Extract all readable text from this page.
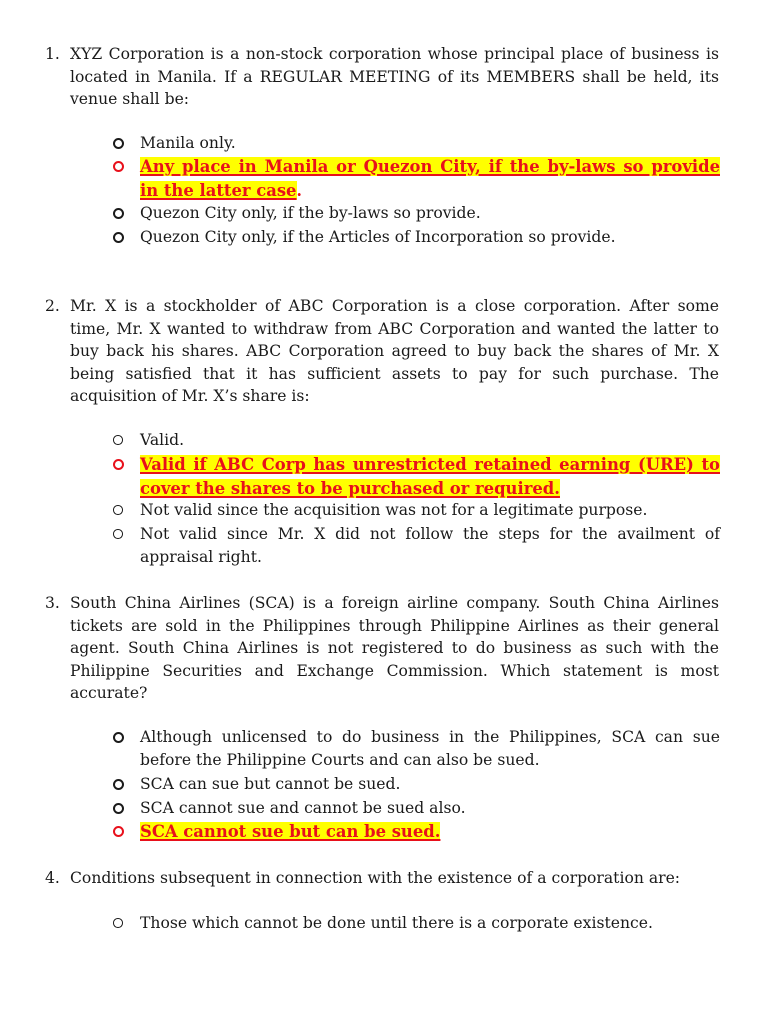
1. XYZ Corporation is a non-stock corporation whose principal place of business is located in Manila. If a REGULAR MEETING of its MEMBERS shall be held, its venue shall be:
Manila only.
Any place in Manila or Quezon City, if the by-laws so provide in the latter case.
Quezon City only, if the by-laws so provide.
Quezon City only, if the Articles of Incorporation so provide.
2. Mr. X is a stockholder of ABC Corporation is a close corporation. After some time, Mr. X wanted to withdraw from ABC Corporation and wanted the latter to buy back his shares. ABC Corporation agreed to buy back the shares of Mr. X being satisfied that it has sufficient assets to pay for such purchase. The acquisition of Mr. X’s share is:
Valid.
Valid if ABC Corp has unrestricted retained earning (URE) to cover the shares to be purchased or required.
Not valid since the acquisition was not for a legitimate purpose.
Not valid since Mr. X did not follow the steps for the availment of appraisal right.
3. South China Airlines (SCA) is a foreign airline company. South China Airlines tickets are sold in the Philippines through Philippine Airlines as their general agent. South China Airlines is not registered to do business as such with the Philippine Securities and Exchange Commission. Which statement is most accurate?
Although unlicensed to do business in the Philippines, SCA can sue before the Philippine Courts and can also be sued.
SCA can sue but cannot be sued.
SCA cannot sue and cannot be sued also.
SCA cannot sue but can be sued.
4. Conditions subsequent in connection with the existence of a corporation are:
Those which cannot be done until there is a corporate existence.
